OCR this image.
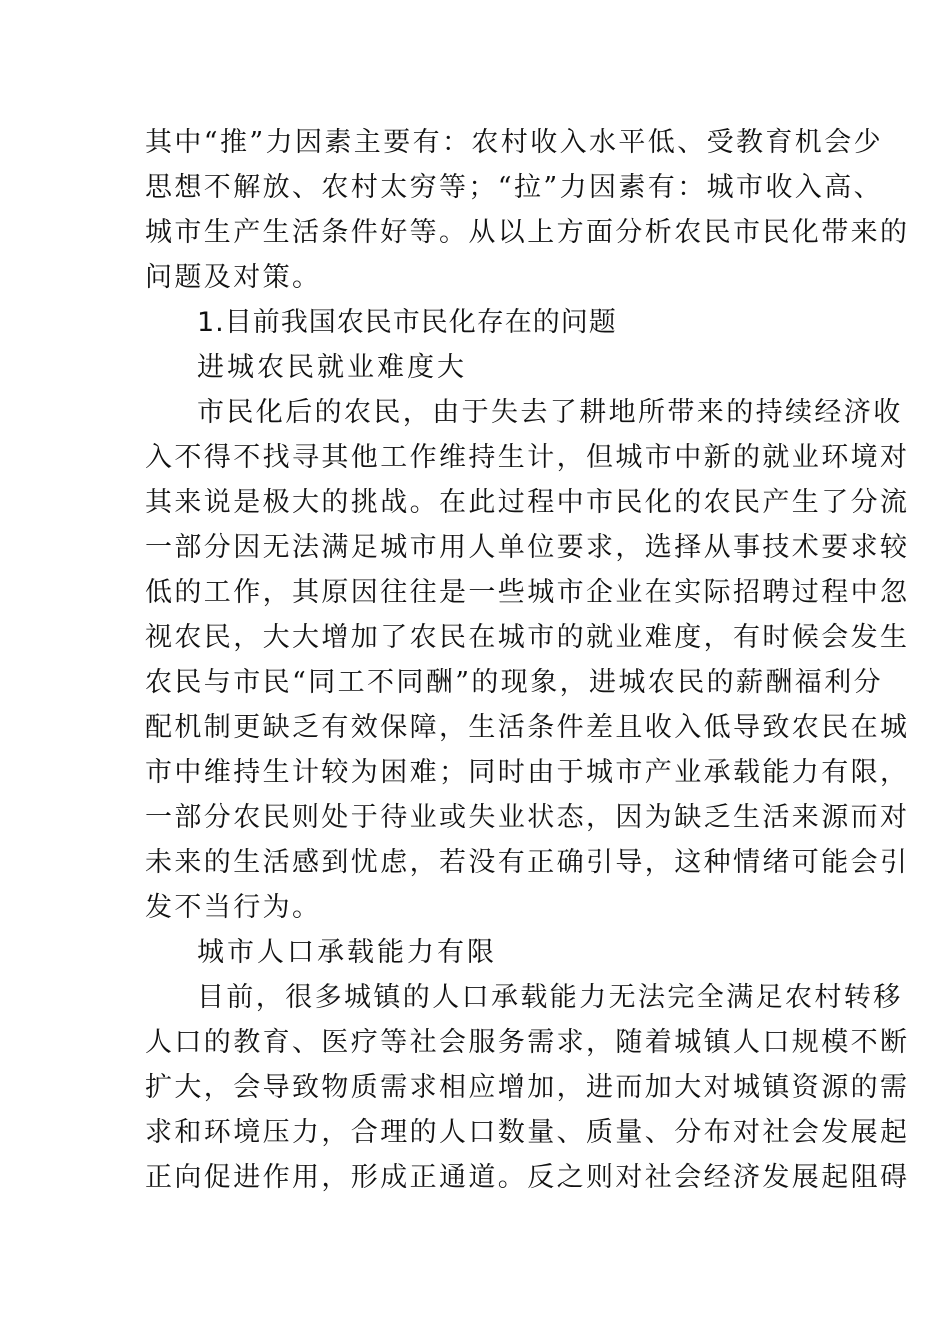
其中“推”力因素主要有：农村收入水平低、受教育机会少
思想不解放、农村太穷等；“拉”力因素有：城市收入高、
城市生产生活条件好等。从以上方面分析农民市民化带来的
问题及对策。
1.目前我国农民市民化存在的问题
进城农民就业难度大
市民化后的农民，由于失去了耕地所带来的持续经济收
入不得不找寻其他工作维持生计，但城市中新的就业环境对
其来说是极大的挑战。在此过程中市民化的农民产生了分流
一部分因无法满足城市用人单位要求，选择从事技术要求较
低的工作，其原因往往是一些城市企业在实际招聘过程中忽
视农民，大大增加了农民在城市的就业难度，有时候会发生
农民与市民“同工不同酬”的现象，进城农民的薪酬福利分
配机制更缺乏有效保障，生活条件差且收入低导致农民在城
市中维持生计较为困难；同时由于城市产业承载能力有限，
一部分农民则处于待业或失业状态，因为缺乏生活来源而对
未来的生活感到忧虑，若没有正确引导，这种情绪可能会引
发不当行为。
城市人口承载能力有限
目前，很多城镇的人口承载能力无法完全满足农村转移
人口的教育、医疗等社会服务需求，随着城镇人口规模不断
扩大，会导致物质需求相应增加，进而加大对城镇资源的需
求和环境压力，合理的人口数量、质量、分布对社会发展起
正向促进作用，形成正通道。反之则对社会经济发展起阻碍
